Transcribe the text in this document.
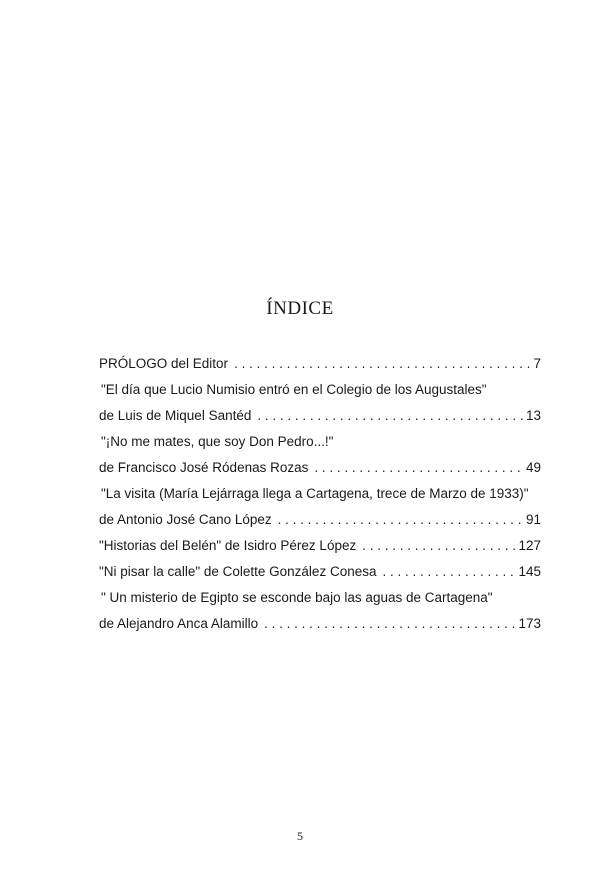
ÍNDICE
PRÓLOGO del Editor . . .	7
"El día que Lucio Numisio entró en el Colegio de los Augustales"
de Luis de Miquel Santéd . . .	13
"¡No me mates, que soy Don Pedro...!"
de Francisco José Ródenas Rozas . . .	49
"La visita (María Lejárraga llega a Cartagena, trece de Marzo de 1933)"
de Antonio José Cano López . . .	91
"Historias del Belén" de Isidro Pérez López . . .	127
"Ni pisar la calle" de Colette González Conesa . . .	145
" Un misterio de Egipto se esconde bajo las aguas de Cartagena"
de Alejandro Anca Alamillo . . .	173
5
